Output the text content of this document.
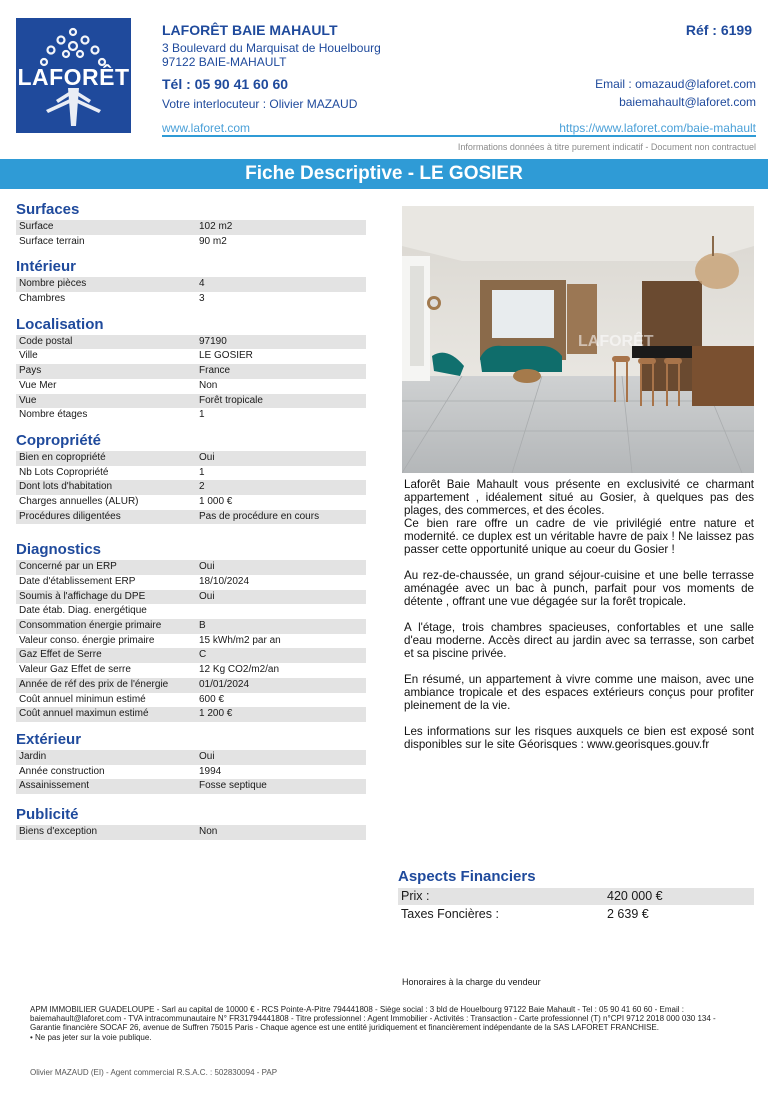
LAFORÊT
LAFORÊT BAIE MAHAULT	Réf : 6199
3 Boulevard du Marquisat de Houelbourg
97122 BAIE-MAHAULT
Tél : 05 90 41 60 60
Votre interlocuteur : Olivier MAZAUD
Email : omazaud@laforet.com
baiemahault@laforet.com
www.laforet.com	https://www.laforet.com/baie-mahault
Informations données à titre purement indicatif - Document non contractuel
Fiche Descriptive - LE GOSIER
Surfaces
Surface	102 m2
Surface terrain	90 m2
Intérieur
Nombre pièces	4
Chambres	3
Localisation
Code postal	97190
Ville	LE GOSIER
Pays	France
Vue Mer	Non
Vue	Forêt tropicale
Nombre étages	1
Copropriété
Bien en copropriété	Oui
Nb Lots Copropriété	1
Dont lots d'habitation	2
Charges annuelles (ALUR)	1 000 €
Procédures diligentées	Pas de procédure en cours
Diagnostics
Concerné par un ERP	Oui
Date d'établissement ERP	18/10/2024
Soumis à l'affichage du DPE	Oui
Date étab. Diag. energétique
Consommation énergie primaire	B
Valeur conso. énergie primaire	15 kWh/m2 par an
Gaz Effet de Serre	C
Valeur Gaz Effet de serre	12 Kg CO2/m2/an
Année de réf des prix de l'énergie	01/01/2024
Coût annuel minimun estimé	600 €
Coût annuel maximun estimé	1 200 €
Extérieur
Jardin	Oui
Année construction	1994
Assainissement	Fosse septique
Publicité
Biens d'exception	Non
LAFORÊT

Laforêt Baie Mahault vous présente en exclusivité ce charmant appartement , idéalement situé au Gosier, à quelques pas des plages, des commerces, et des écoles.
Ce bien rare offre un cadre de vie privilégié entre nature et modernité. ce duplex est un véritable havre de paix ! Ne laissez pas passer cette opportunité unique au coeur du Gosier !

Au rez-de-chaussée, un grand séjour-cuisine et une belle terrasse aménagée avec un bac à punch, parfait pour vos moments de détente , offrant une vue dégagée sur la forêt tropicale.

A l'étage, trois chambres spacieuses, confortables et une salle d'eau moderne. Accès direct au jardin avec sa terrasse, son carbet et sa piscine privée.

En résumé, un appartement à vivre comme une maison, avec une ambiance tropicale et des espaces extérieurs conçus pour profiter pleinement de la vie.

Les informations sur les risques auxquels ce bien est exposé sont disponibles sur le site Géorisques : www.georisques.gouv.fr

Aspects Financiers
Prix :	420 000 €
Taxes Foncières :	2 639 €
Honoraires à la charge du vendeur
APM IMMOBILIER GUADELOUPE - Sarl au capital de 10000 € - RCS Pointe-A-Pitre 794441808 - Siège social : 3 bld de Houelbourg 97122 Baie Mahault - Tel : 05 90 41 60 60 - Email : baiemahault@laforet.com - TVA intracommunautaire N° FR31794441808 - Titre professionnel : Agent Immobilier - Activités : Transaction - Carte professionnel (T) n°CPI 9712 2018 000 030 134 - Garantie financière SOCAF 26, avenue de Suffren 75015 Paris - Chaque agence est une entité juridiquement et financièrement indépendante de la SAS LAFORET FRANCHISE.
• Ne pas jeter sur la voie publique.
Olivier MAZAUD (EI) - Agent commercial R.S.A.C. : 502830094 - PAP
